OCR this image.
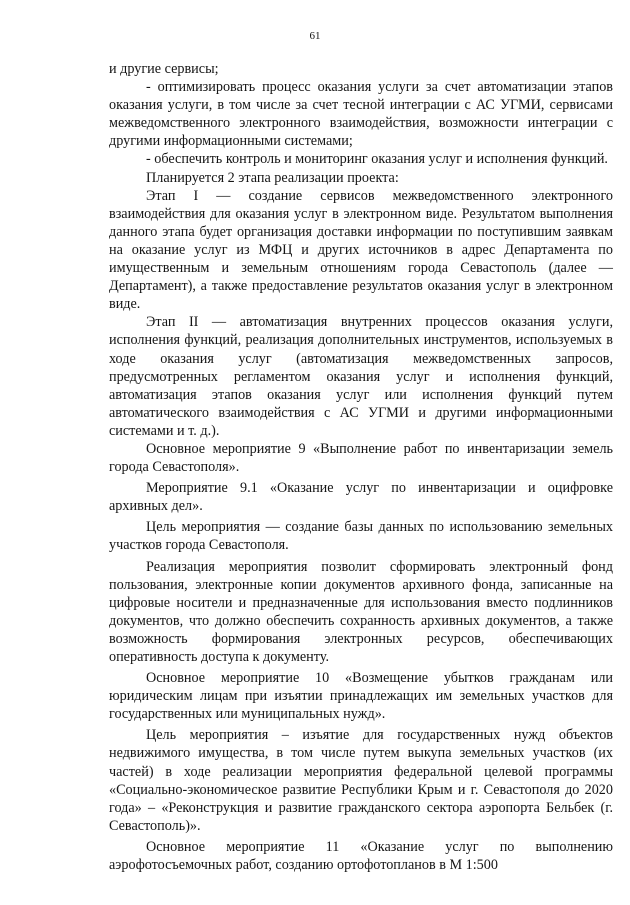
61

и другие сервисы;

- оптимизировать процесс оказания услуги за счет автоматизации этапов оказания услуги, в том числе за счет тесной интеграции с АС УГМИ, сервисами межведомственного электронного взаимодействия, возможности интеграции с другими информационными системами;

- обеспечить контроль и мониторинг оказания услуг и исполнения функций.

Планируется 2 этапа реализации проекта:

Этап I — создание сервисов межведомственного электронного взаимодействия для оказания услуг в электронном виде. Результатом выполнения данного этапа будет организация доставки информации по поступившим заявкам на оказание услуг из МФЦ и других источников в адрес Департамента по имущественным и земельным отношениям города Севастополь (далее — Департамент), а также предоставление результатов оказания услуг в электронном виде.

Этап II — автоматизация внутренних процессов оказания услуги, исполнения функций, реализация дополнительных инструментов, используемых в ходе оказания услуг (автоматизация межведомственных запросов, предусмотренных регламентом оказания услуг и исполнения функций, автоматизация этапов оказания услуг или исполнения функций путем автоматического взаимодействия с АС УГМИ и другими информационными системами и т. д.).

Основное мероприятие 9 «Выполнение работ по инвентаризации земель города Севастополя».

Мероприятие 9.1 «Оказание услуг по инвентаризации и оцифровке архивных дел».

Цель мероприятия — создание базы данных по использованию земельных участков города Севастополя.

Реализация мероприятия позволит сформировать электронный фонд пользования, электронные копии документов архивного фонда, записанные на цифровые носители и предназначенные для использования вместо подлинников документов, что должно обеспечить сохранность архивных документов, а также возможность формирования электронных ресурсов, обеспечивающих оперативность доступа к документу.

Основное мероприятие 10 «Возмещение убытков гражданам или юридическим лицам при изъятии принадлежащих им земельных участков для государственных или муниципальных нужд».

Цель мероприятия – изъятие для государственных нужд объектов недвижимого имущества, в том числе путем выкупа земельных участков (их частей) в ходе реализации мероприятия федеральной целевой программы «Социально-экономическое развитие Республики Крым и г. Севастополя до 2020 года» – «Реконструкция и развитие гражданского сектора аэропорта Бельбек (г. Севастополь)».

Основное мероприятие 11 «Оказание услуг по выполнению аэрофотосъемочных работ, созданию ортофотопланов в М 1:500
